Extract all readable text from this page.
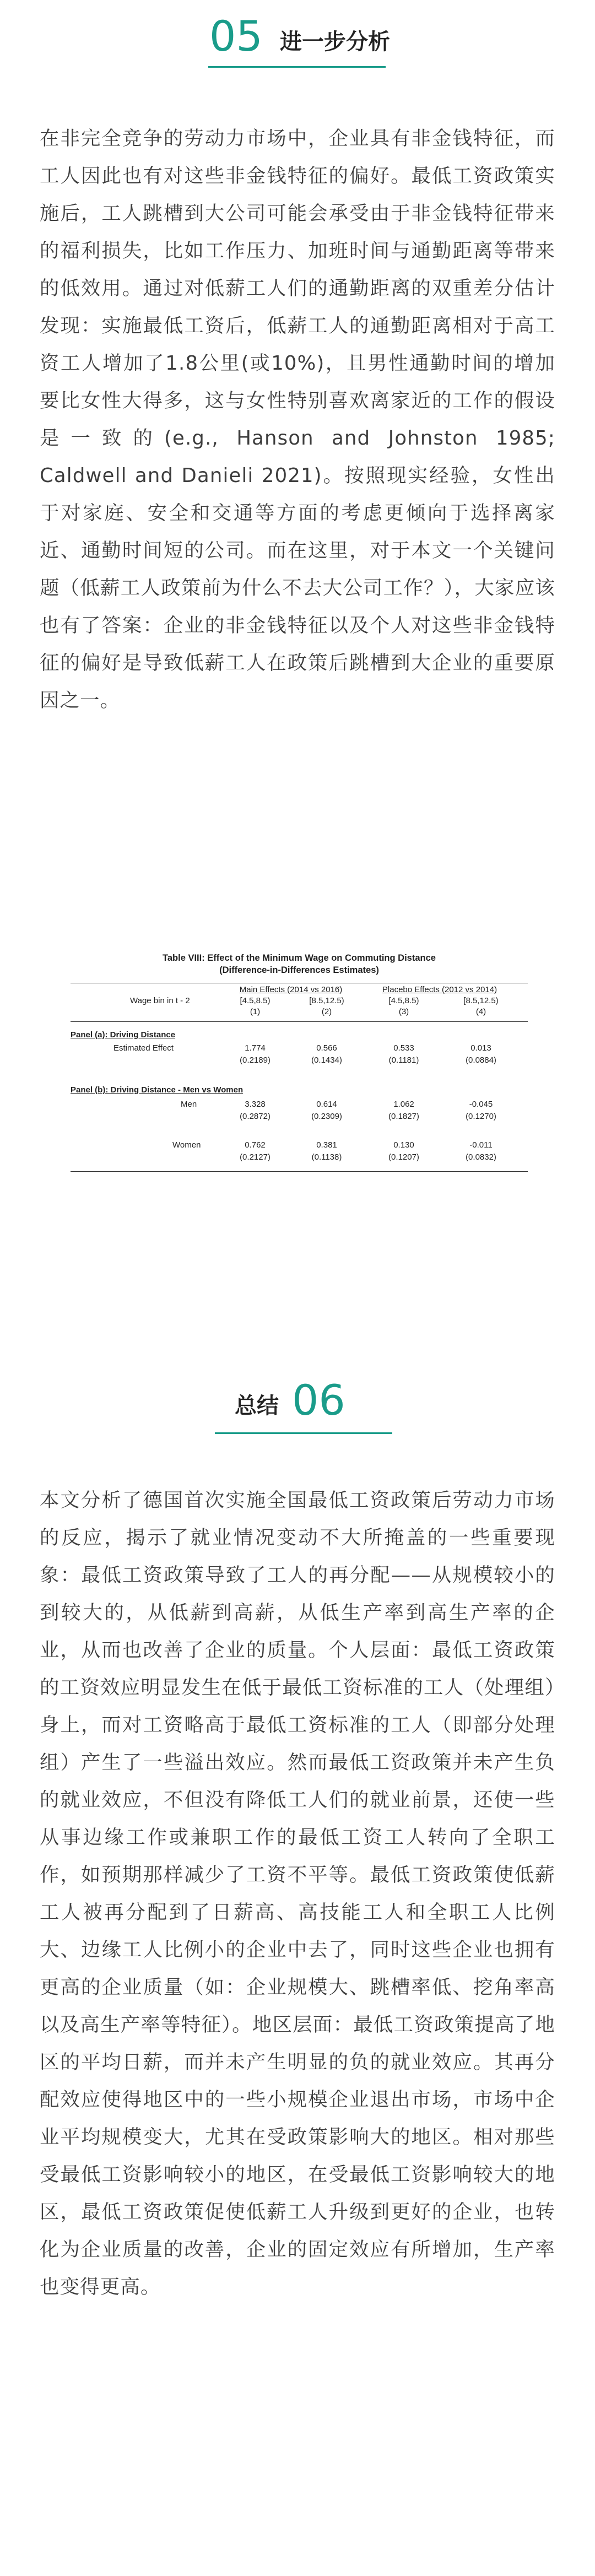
05 进一步分析
在非完全竞争的劳动力市场中，企业具有非金钱特征，而工人因此也有对这些非金钱特征的偏好。最低工资政策实施后，工人跳槽到大公司可能会承受由于非金钱特征带来的福利损失，比如工作压力、加班时间与通勤距离等带来的低效用。通过对低薪工人们的通勤距离的双重差分估计发现：实施最低工资后，低薪工人的通勤距离相对于高工资工人增加了1.8公里(或10%)，且男性通勤时间的增加要比女性大得多，这与女性特别喜欢离家近的工作的假设是一致的(e.g., Hanson and Johnston 1985; Caldwell and Danieli 2021)。按照现实经验，女性出于对家庭、安全和交通等方面的考虑更倾向于选择离家近、通勤时间短的公司。而在这里，对于本文一个关键问题（低薪工人政策前为什么不去大公司工作？），大家应该也有了答案：企业的非金钱特征以及个人对这些非金钱特征的偏好是导致低薪工人在政策后跳槽到大企业的重要原因之一。
Table VIII: Effect of the Minimum Wage on Commuting Distance
(Difference-in-Differences Estimates)
Main Effects (2014 vs 2016)	Placebo Effects (2012 vs 2014)
Wage bin in t - 2	[4.5,8.5)	[8.5,12.5)	[4.5,8.5)	[8.5,12.5)
(1)	(2)	(3)	(4)
Panel (a): Driving Distance
Estimated Effect	1.774	0.566	0.533	0.013
(0.2189)	(0.1434)	(0.1181)	(0.0884)
Panel (b): Driving Distance - Men vs Women
Men	3.328	0.614	1.062	-0.045
(0.2872)	(0.2309)	(0.1827)	(0.1270)
Women	0.762	0.381	0.130	-0.011
(0.2127)	(0.1138)	(0.1207)	(0.0832)
总结 06
本文分析了德国首次实施全国最低工资政策后劳动力市场的反应，揭示了就业情况变动不大所掩盖的一些重要现象：最低工资政策导致了工人的再分配——从规模较小的到较大的，从低薪到高薪，从低生产率到高生产率的企业，从而也改善了企业的质量。个人层面：最低工资政策的工资效应明显发生在低于最低工资标准的工人（处理组）身上，而对工资略高于最低工资标准的工人（即部分处理组）产生了一些溢出效应。然而最低工资政策并未产生负的就业效应，不但没有降低工人们的就业前景，还使一些从事边缘工作或兼职工作的最低工资工人转向了全职工作，如预期那样减少了工资不平等。最低工资政策使低薪工人被再分配到了日薪高、高技能工人和全职工人比例大、边缘工人比例小的企业中去了，同时这些企业也拥有更高的企业质量（如：企业规模大、跳槽率低、挖角率高以及高生产率等特征）。地区层面：最低工资政策提高了地区的平均日薪，而并未产生明显的负的就业效应。其再分配效应使得地区中的一些小规模企业退出市场，市场中企业平均规模变大，尤其在受政策影响大的地区。相对那些受最低工资影响较小的地区，在受最低工资影响较大的地区，最低工资政策促使低薪工人升级到更好的企业，也转化为企业质量的改善，企业的固定效应有所增加，生产率也变得更高。
